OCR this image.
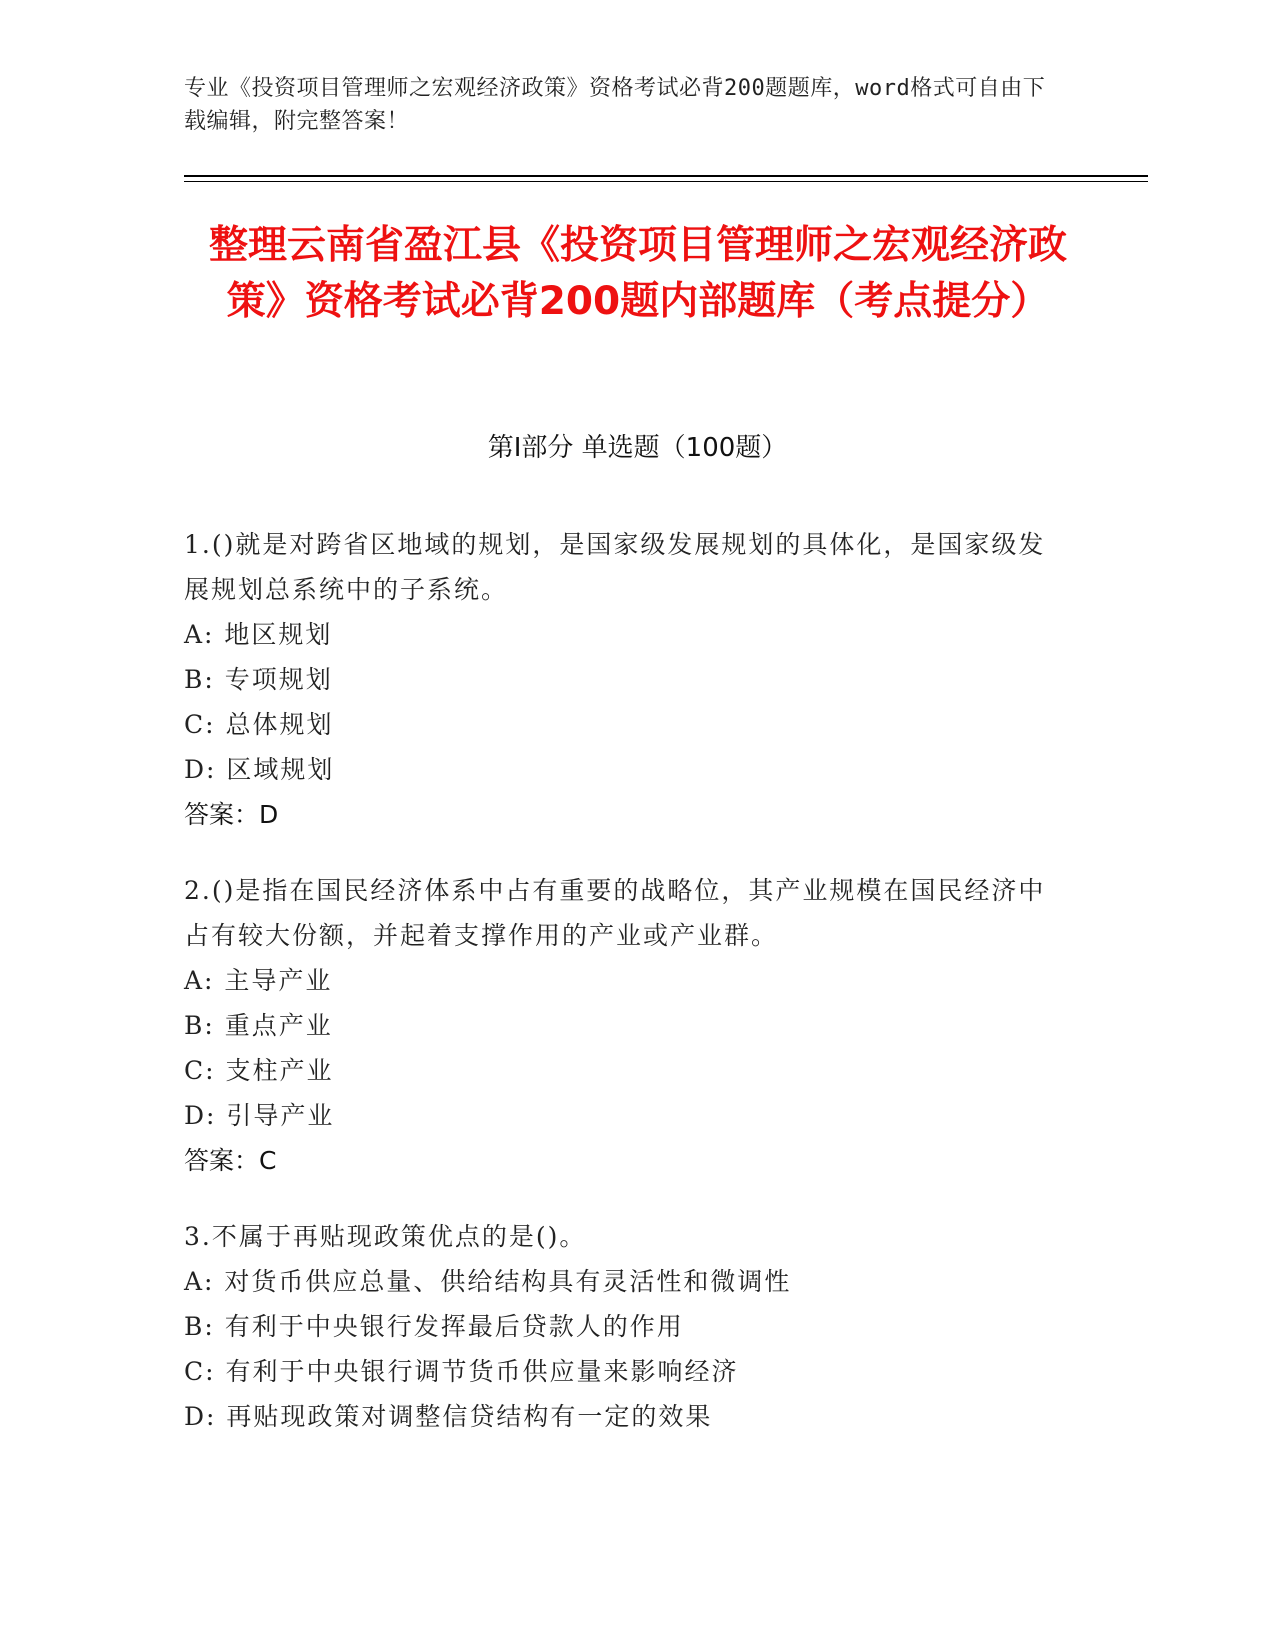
专业《投资项目管理师之宏观经济政策》资格考试必背200题题库，word格式可自由下载编辑，附完整答案！
整理云南省盈江县《投资项目管理师之宏观经济政策》资格考试必背200题内部题库（考点提分）
第Ⅰ部分 单选题（100题）
1.()就是对跨省区地域的规划，是国家级发展规划的具体化，是国家级发展规划总系统中的子系统。
A: 地区规划
B: 专项规划
C: 总体规划
D: 区域规划
答案：D
2.()是指在国民经济体系中占有重要的战略位，其产业规模在国民经济中占有较大份额，并起着支撑作用的产业或产业群。
A: 主导产业
B: 重点产业
C: 支柱产业
D: 引导产业
答案：C
3.不属于再贴现政策优点的是()。
A: 对货币供应总量、供给结构具有灵活性和微调性
B: 有利于中央银行发挥最后贷款人的作用
C: 有利于中央银行调节货币供应量来影响经济
D: 再贴现政策对调整信贷结构有一定的效果
